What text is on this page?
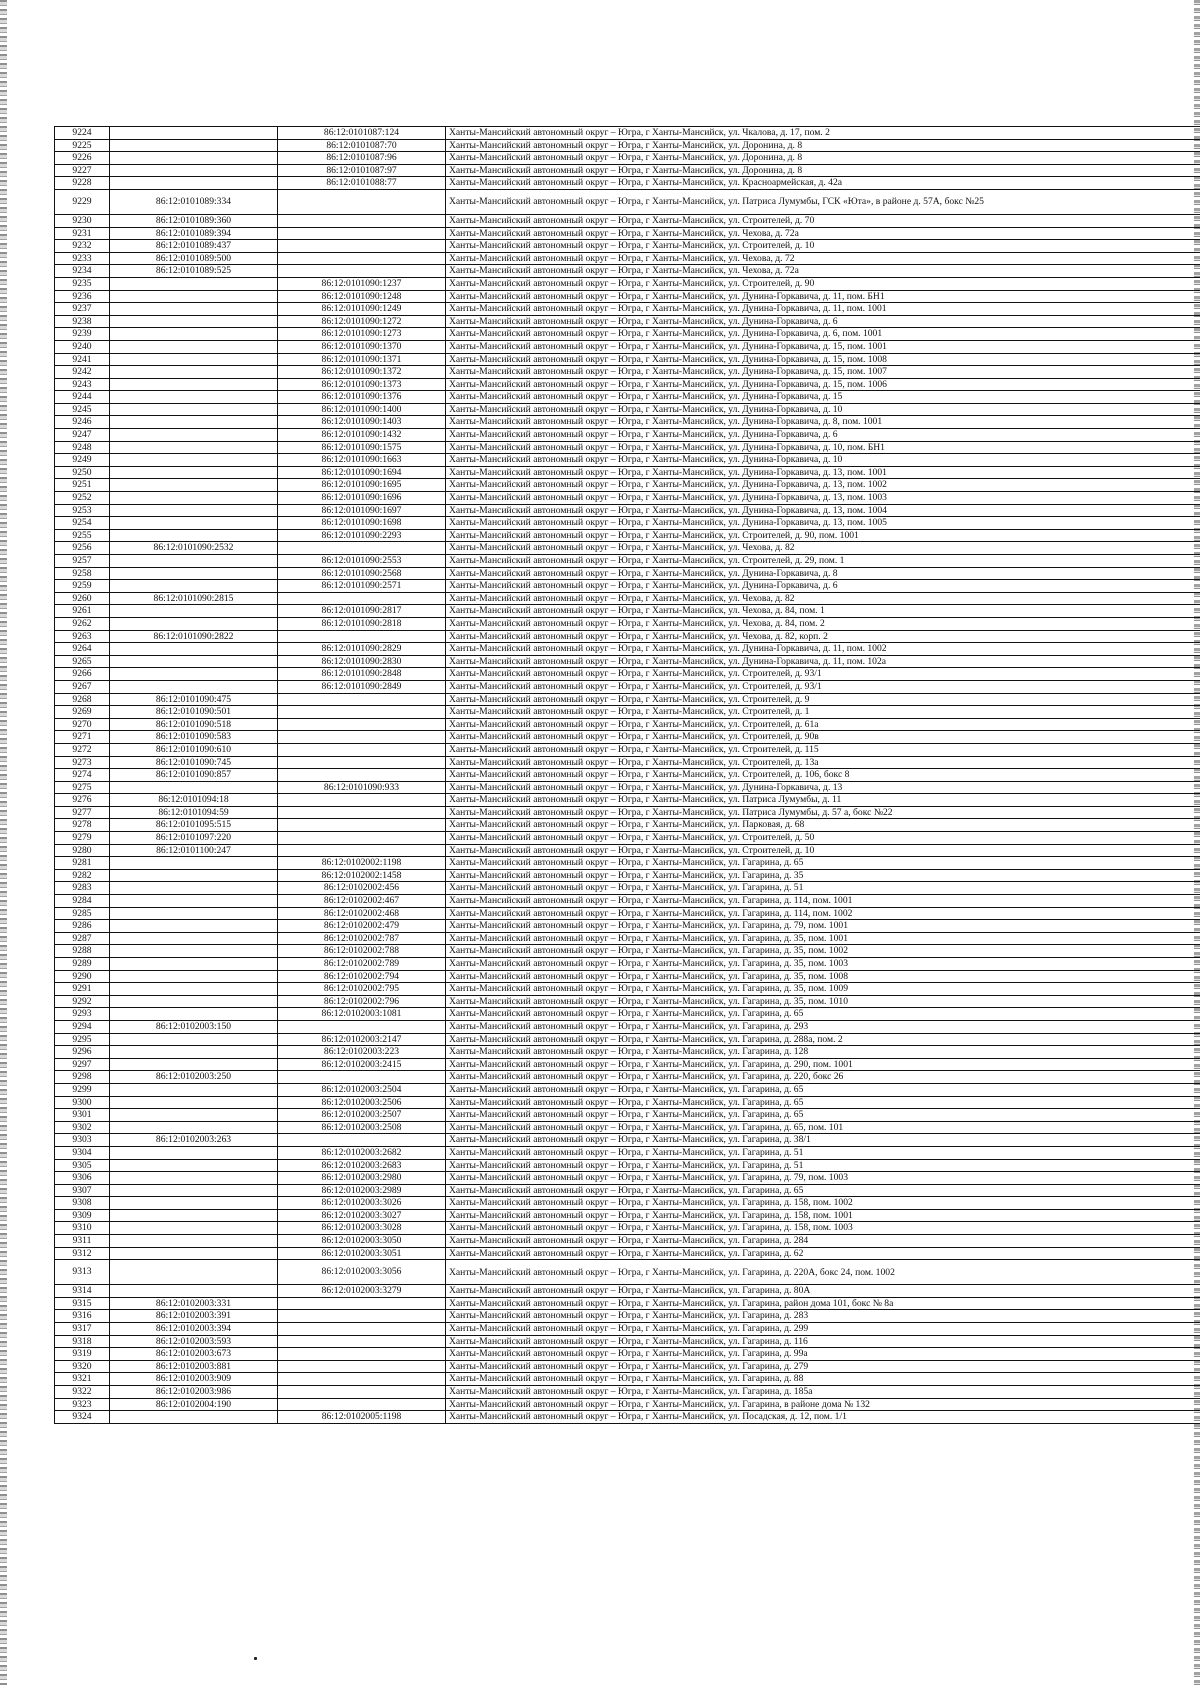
9224		86:12:0101087:124	Ханты-Мансийский автономный округ – Югра, г Ханты-Мансийск, ул. Чкалова, д. 17, пом. 2
9225		86:12:0101087:70	Ханты-Мансийский автономный округ – Югра, г Ханты-Мансийск, ул. Доронина, д. 8
9226		86:12:0101087:96	Ханты-Мансийский автономный округ – Югра, г Ханты-Мансийск, ул. Доронина, д. 8
9227		86:12:0101087:97	Ханты-Мансийский автономный округ – Югра, г Ханты-Мансийск, ул. Доронина, д. 8
9228		86:12:0101088:77	Ханты-Мансийский автономный округ – Югра, г Ханты-Мансийск, ул. Красноармейская, д. 42а
9229	86:12:0101089:334		Ханты-Мансийский автономный округ – Югра, г Ханты-Мансийск, ул. Патриса Лумумбы, ГСК «Юта», в районе д. 57А, бокс №25
9230	86:12:0101089:360		Ханты-Мансийский автономный округ – Югра, г Ханты-Мансийск, ул. Строителей, д. 70
9231	86:12:0101089:394		Ханты-Мансийский автономный округ – Югра, г Ханты-Мансийск, ул. Чехова, д. 72а
9232	86:12:0101089:437		Ханты-Мансийский автономный округ – Югра, г Ханты-Мансийск, ул. Строителей, д. 10
9233	86:12:0101089:500		Ханты-Мансийский автономный округ – Югра, г Ханты-Мансийск, ул. Чехова, д. 72
9234	86:12:0101089:525		Ханты-Мансийский автономный округ – Югра, г Ханты-Мансийск, ул. Чехова, д. 72а
9235		86:12:0101090:1237	Ханты-Мансийский автономный округ – Югра, г Ханты-Мансийск, ул. Строителей, д. 90
9236		86:12:0101090:1248	Ханты-Мансийский автономный округ – Югра, г Ханты-Мансийск, ул. Дунина-Горкавича, д. 11, пом. БН1
9237		86:12:0101090:1249	Ханты-Мансийский автономный округ – Югра, г Ханты-Мансийск, ул. Дунина-Горкавича, д. 11, пом. 1001
9238		86:12:0101090:1272	Ханты-Мансийский автономный округ – Югра, г Ханты-Мансийск, ул. Дунина-Горкавича, д. 6
9239		86:12:0101090:1273	Ханты-Мансийский автономный округ – Югра, г Ханты-Мансийск, ул. Дунина-Горкавича, д. 6, пом. 1001
9240		86:12:0101090:1370	Ханты-Мансийский автономный округ – Югра, г Ханты-Мансийск, ул. Дунина-Горкавича, д. 15, пом. 1001
9241		86:12:0101090:1371	Ханты-Мансийский автономный округ – Югра, г Ханты-Мансийск, ул. Дунина-Горкавича, д. 15, пом. 1008
9242		86:12:0101090:1372	Ханты-Мансийский автономный округ – Югра, г Ханты-Мансийск, ул. Дунина-Горкавича, д. 15, пом. 1007
9243		86:12:0101090:1373	Ханты-Мансийский автономный округ – Югра, г Ханты-Мансийск, ул. Дунина-Горкавича, д. 15, пом. 1006
9244		86:12:0101090:1376	Ханты-Мансийский автономный округ – Югра, г Ханты-Мансийск, ул. Дунина-Горкавича, д. 15
9245		86:12:0101090:1400	Ханты-Мансийский автономный округ – Югра, г Ханты-Мансийск, ул. Дунина-Горкавича, д. 10
9246		86:12:0101090:1403	Ханты-Мансийский автономный округ – Югра, г Ханты-Мансийск, ул. Дунина-Горкавича, д. 8, пом. 1001
9247		86:12:0101090:1432	Ханты-Мансийский автономный округ – Югра, г Ханты-Мансийск, ул. Дунина-Горкавича, д. 6
9248		86:12:0101090:1575	Ханты-Мансийский автономный округ – Югра, г Ханты-Мансийск, ул. Дунина-Горкавича, д. 10, пом. БН1
9249		86:12:0101090:1663	Ханты-Мансийский автономный округ – Югра, г Ханты-Мансийск, ул. Дунина-Горкавича, д. 10
9250		86:12:0101090:1694	Ханты-Мансийский автономный округ – Югра, г Ханты-Мансийск, ул. Дунина-Горкавича, д. 13, пом. 1001
9251		86:12:0101090:1695	Ханты-Мансийский автономный округ – Югра, г Ханты-Мансийск, ул. Дунина-Горкавича, д. 13, пом. 1002
9252		86:12:0101090:1696	Ханты-Мансийский автономный округ – Югра, г Ханты-Мансийск, ул. Дунина-Горкавича, д. 13, пом. 1003
9253		86:12:0101090:1697	Ханты-Мансийский автономный округ – Югра, г Ханты-Мансийск, ул. Дунина-Горкавича, д. 13, пом. 1004
9254		86:12:0101090:1698	Ханты-Мансийский автономный округ – Югра, г Ханты-Мансийск, ул. Дунина-Горкавича, д. 13, пом. 1005
9255		86:12:0101090:2293	Ханты-Мансийский автономный округ – Югра, г Ханты-Мансийск, ул. Строителей, д. 90, пом. 1001
9256	86:12:0101090:2532		Ханты-Мансийский автономный округ – Югра, г Ханты-Мансийск, ул. Чехова, д. 82
9257		86:12:0101090:2553	Ханты-Мансийский автономный округ – Югра, г Ханты-Мансийск, ул. Строителей, д. 29, пом. 1
9258		86:12:0101090:2568	Ханты-Мансийский автономный округ – Югра, г Ханты-Мансийск, ул. Дунина-Горкавича, д. 8
9259		86:12:0101090:2571	Ханты-Мансийский автономный округ – Югра, г Ханты-Мансийск, ул. Дунина-Горкавича, д. 6
9260	86:12:0101090:2815		Ханты-Мансийский автономный округ – Югра, г Ханты-Мансийск, ул. Чехова, д. 82
9261		86:12:0101090:2817	Ханты-Мансийский автономный округ – Югра, г Ханты-Мансийск, ул. Чехова, д. 84, пом. 1
9262		86:12:0101090:2818	Ханты-Мансийский автономный округ – Югра, г Ханты-Мансийск, ул. Чехова, д. 84, пом. 2
9263	86:12:0101090:2822		Ханты-Мансийский автономный округ – Югра, г Ханты-Мансийск, ул. Чехова, д. 82, корп. 2
9264		86:12:0101090:2829	Ханты-Мансийский автономный округ – Югра, г Ханты-Мансийск, ул. Дунина-Горкавича, д. 11, пом. 1002
9265		86:12:0101090:2830	Ханты-Мансийский автономный округ – Югра, г Ханты-Мансийск, ул. Дунина-Горкавича, д. 11, пом. 102а
9266		86:12:0101090:2848	Ханты-Мансийский автономный округ – Югра, г Ханты-Мансийск, ул. Строителей, д. 93/1
9267		86:12:0101090:2849	Ханты-Мансийский автономный округ – Югра, г Ханты-Мансийск, ул. Строителей, д. 93/1
9268	86:12:0101090:475		Ханты-Мансийский автономный округ – Югра, г Ханты-Мансийск, ул. Строителей, д. 9
9269	86:12:0101090:501		Ханты-Мансийский автономный округ – Югра, г Ханты-Мансийск, ул. Строителей, д. 1
9270	86:12:0101090:518		Ханты-Мансийский автономный округ – Югра, г Ханты-Мансийск, ул. Строителей, д. 61а
9271	86:12:0101090:583		Ханты-Мансийский автономный округ – Югра, г Ханты-Мансийск, ул. Строителей, д. 90в
9272	86:12:0101090:610		Ханты-Мансийский автономный округ – Югра, г Ханты-Мансийск, ул. Строителей, д. 115
9273	86:12:0101090:745		Ханты-Мансийский автономный округ – Югра, г Ханты-Мансийск, ул. Строителей, д. 13а
9274	86:12:0101090:857		Ханты-Мансийский автономный округ – Югра, г Ханты-Мансийск, ул. Строителей, д. 106, бокс 8
9275		86:12:0101090:933	Ханты-Мансийский автономный округ – Югра, г Ханты-Мансийск, ул. Дунина-Горкавича, д. 13
9276	86:12:0101094:18		Ханты-Мансийский автономный округ – Югра, г Ханты-Мансийск, ул. Патриса Лумумбы, д. 11
9277	86:12:0101094:59		Ханты-Мансийский автономный округ – Югра, г Ханты-Мансийск, ул. Патриса Лумумбы, д. 57 а, бокс №22
9278	86:12:0101095:515		Ханты-Мансийский автономный округ – Югра, г Ханты-Мансийск, ул. Парковая, д. 68
9279	86:12:0101097:220		Ханты-Мансийский автономный округ – Югра, г Ханты-Мансийск, ул. Строителей, д. 50
9280	86:12:0101100:247		Ханты-Мансийский автономный округ – Югра, г Ханты-Мансийск, ул. Строителей, д. 10
9281		86:12:0102002:1198	Ханты-Мансийский автономный округ – Югра, г Ханты-Мансийск, ул. Гагарина, д. 65
9282		86:12:0102002:1458	Ханты-Мансийский автономный округ – Югра, г Ханты-Мансийск, ул. Гагарина, д. 35
9283		86:12:0102002:456	Ханты-Мансийский автономный округ – Югра, г Ханты-Мансийск, ул. Гагарина, д. 51
9284		86:12:0102002:467	Ханты-Мансийский автономный округ – Югра, г Ханты-Мансийск, ул. Гагарина, д. 114, пом. 1001
9285		86:12:0102002:468	Ханты-Мансийский автономный округ – Югра, г Ханты-Мансийск, ул. Гагарина, д. 114, пом. 1002
9286		86:12:0102002:479	Ханты-Мансийский автономный округ – Югра, г Ханты-Мансийск, ул. Гагарина, д. 79, пом. 1001
9287		86:12:0102002:787	Ханты-Мансийский автономный округ – Югра, г Ханты-Мансийск, ул. Гагарина, д. 35, пом. 1001
9288		86:12:0102002:788	Ханты-Мансийский автономный округ – Югра, г Ханты-Мансийск, ул. Гагарина, д. 35, пом. 1002
9289		86:12:0102002:789	Ханты-Мансийский автономный округ – Югра, г Ханты-Мансийск, ул. Гагарина, д. 35, пом. 1003
9290		86:12:0102002:794	Ханты-Мансийский автономный округ – Югра, г Ханты-Мансийск, ул. Гагарина, д. 35, пом. 1008
9291		86:12:0102002:795	Ханты-Мансийский автономный округ – Югра, г Ханты-Мансийск, ул. Гагарина, д. 35, пом. 1009
9292		86:12:0102002:796	Ханты-Мансийский автономный округ – Югра, г Ханты-Мансийск, ул. Гагарина, д. 35, пом. 1010
9293		86:12:0102003:1081	Ханты-Мансийский автономный округ – Югра, г Ханты-Мансийск, ул. Гагарина, д. 65
9294	86:12:0102003:150		Ханты-Мансийский автономный округ – Югра, г Ханты-Мансийск, ул. Гагарина, д. 293
9295		86:12:0102003:2147	Ханты-Мансийский автономный округ – Югра, г Ханты-Мансийск, ул. Гагарина, д. 288а, пом. 2
9296		86:12:0102003:223	Ханты-Мансийский автономный округ – Югра, г Ханты-Мансийск, ул. Гагарина, д. 128
9297		86:12:0102003:2415	Ханты-Мансийский автономный округ – Югра, г Ханты-Мансийск, ул. Гагарина, д. 290, пом. 1001
9298	86:12:0102003:250		Ханты-Мансийский автономный округ – Югра, г Ханты-Мансийск, ул. Гагарина, д. 220, бокс 26
9299		86:12:0102003:2504	Ханты-Мансийский автономный округ – Югра, г Ханты-Мансийск, ул. Гагарина, д. 65
9300		86:12:0102003:2506	Ханты-Мансийский автономный округ – Югра, г Ханты-Мансийск, ул. Гагарина, д. 65
9301		86:12:0102003:2507	Ханты-Мансийский автономный округ – Югра, г Ханты-Мансийск, ул. Гагарина, д. 65
9302		86:12:0102003:2508	Ханты-Мансийский автономный округ – Югра, г Ханты-Мансийск, ул. Гагарина, д. 65, пом. 101
9303	86:12:0102003:263		Ханты-Мансийский автономный округ – Югра, г Ханты-Мансийск, ул. Гагарина, д. 38/1
9304		86:12:0102003:2682	Ханты-Мансийский автономный округ – Югра, г Ханты-Мансийск, ул. Гагарина, д. 51
9305		86:12:0102003:2683	Ханты-Мансийский автономный округ – Югра, г Ханты-Мансийск, ул. Гагарина, д. 51
9306		86:12:0102003:2980	Ханты-Мансийский автономный округ – Югра, г Ханты-Мансийск, ул. Гагарина, д. 79, пом. 1003
9307		86:12:0102003:2989	Ханты-Мансийский автономный округ – Югра, г Ханты-Мансийск, ул. Гагарина, д. 65
9308		86:12:0102003:3026	Ханты-Мансийский автономный округ – Югра, г Ханты-Мансийск, ул. Гагарина, д. 158, пом. 1002
9309		86:12:0102003:3027	Ханты-Мансийский автономный округ – Югра, г Ханты-Мансийск, ул. Гагарина, д. 158, пом. 1001
9310		86:12:0102003:3028	Ханты-Мансийский автономный округ – Югра, г Ханты-Мансийск, ул. Гагарина, д. 158, пом. 1003
9311		86:12:0102003:3050	Ханты-Мансийский автономный округ – Югра, г Ханты-Мансийск, ул. Гагарина, д. 284
9312		86:12:0102003:3051	Ханты-Мансийский автономный округ – Югра, г Ханты-Мансийск, ул. Гагарина, д. 62
9313		86:12:0102003:3056	Ханты-Мансийский автономный округ – Югра, г Ханты-Мансийск, ул. Гагарина, д. 220А, бокс 24, пом. 1002
9314		86:12:0102003:3279	Ханты-Мансийский автономный округ – Югра, г Ханты-Мансийск, ул. Гагарина, д. 80А
9315	86:12:0102003:331		Ханты-Мансийский автономный округ – Югра, г Ханты-Мансийск, ул. Гагарина, район дома 101, бокс № 8а
9316	86:12:0102003:391		Ханты-Мансийский автономный округ – Югра, г Ханты-Мансийск, ул. Гагарина, д. 283
9317	86:12:0102003:394		Ханты-Мансийский автономный округ – Югра, г Ханты-Мансийск, ул. Гагарина, д. 299
9318	86:12:0102003:593		Ханты-Мансийский автономный округ – Югра, г Ханты-Мансийск, ул. Гагарина, д. 116
9319	86:12:0102003:673		Ханты-Мансийский автономный округ – Югра, г Ханты-Мансийск, ул. Гагарина, д. 99а
9320	86:12:0102003:881		Ханты-Мансийский автономный округ – Югра, г Ханты-Мансийск, ул. Гагарина, д. 279
9321	86:12:0102003:909		Ханты-Мансийский автономный округ – Югра, г Ханты-Мансийск, ул. Гагарина, д. 88
9322	86:12:0102003:986		Ханты-Мансийский автономный округ – Югра, г Ханты-Мансийск, ул. Гагарина, д. 185а
9323	86:12:0102004:190		Ханты-Мансийский автономный округ – Югра, г Ханты-Мансийск, ул. Гагарина, в районе дома № 132
9324		86:12:0102005:1198	Ханты-Мансийский автономный округ – Югра, г Ханты-Мансийск, ул. Посадская, д. 12, пом. 1/1
